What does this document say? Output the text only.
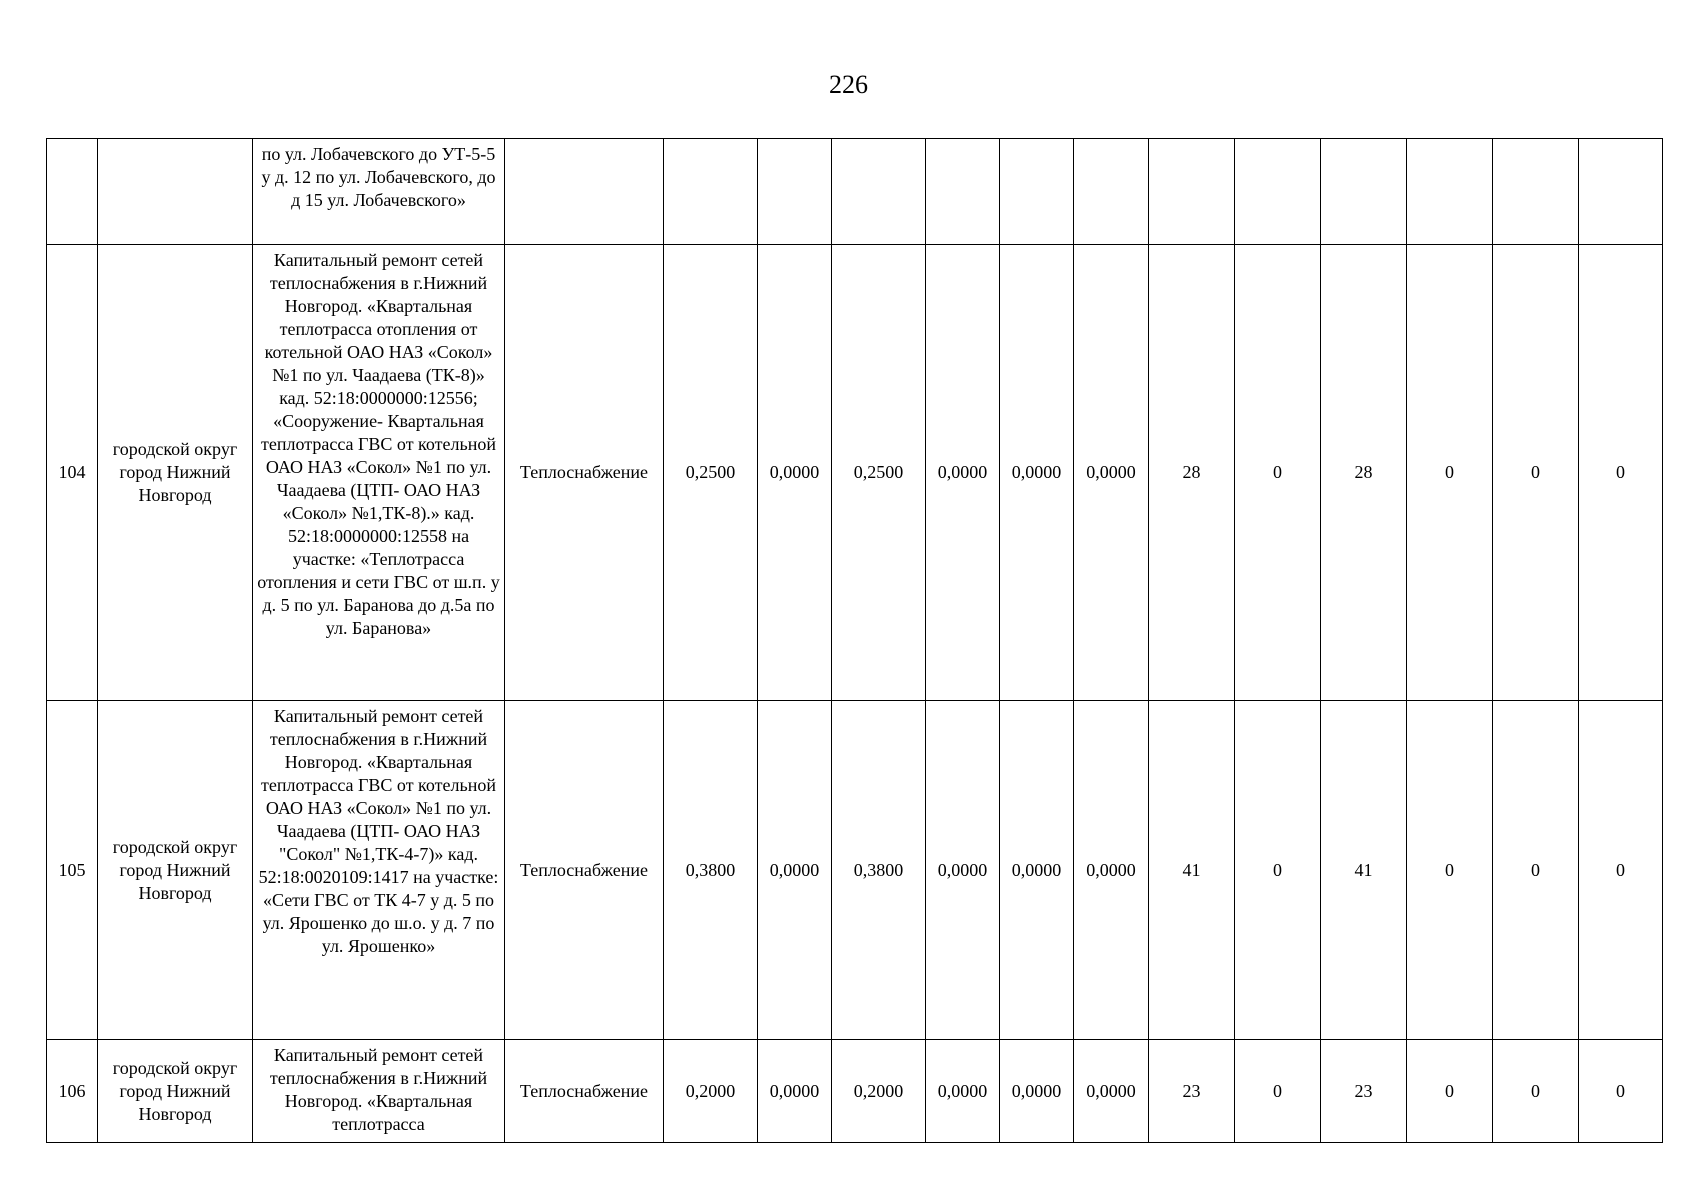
226
		по ул. Лобачевского до УТ-5-5 у д. 12 по ул. Лобачевского, до д 15 ул. Лобачевского»													
104	городской округ город Нижний Новгород	Капитальный ремонт сетей теплоснабжения в г.Нижний Новгород. «Квартальная теплотрасса отопления от котельной ОАО НАЗ «Сокол» №1 по ул. Чаадаева (ТК-8)» кад. 52:18:0000000:12556; «Сооружение- Квартальная теплотрасса ГВС от котельной ОАО НАЗ «Сокол» №1 по ул. Чаадаева (ЦТП- ОАО НАЗ «Сокол» №1,ТК-8).» кад. 52:18:0000000:12558 на участке: «Теплотрасса отопления и сети ГВС от ш.п. у д. 5 по ул. Баранова до д.5а по ул. Баранова»	Теплоснабжение	0,2500	0,0000	0,2500	0,0000	0,0000	0,0000	28	0	28	0	0	0
105	городской округ город Нижний Новгород	Капитальный ремонт сетей теплоснабжения в г.Нижний Новгород. «Квартальная теплотрасса ГВС от котельной ОАО НАЗ «Сокол» №1 по ул. Чаадаева (ЦТП- ОАО НАЗ "Сокол" №1,ТК-4-7)» кад. 52:18:0020109:1417 на участке: «Сети ГВС от ТК 4-7 у д. 5 по ул. Ярошенко до ш.о. у д. 7 по ул. Ярошенко»	Теплоснабжение	0,3800	0,0000	0,3800	0,0000	0,0000	0,0000	41	0	41	0	0	0
106	городской округ город Нижний Новгород	Капитальный ремонт сетей теплоснабжения в г.Нижний Новгород. «Квартальная теплотрасса	Теплоснабжение	0,2000	0,0000	0,2000	0,0000	0,0000	0,0000	23	0	23	0	0	0
